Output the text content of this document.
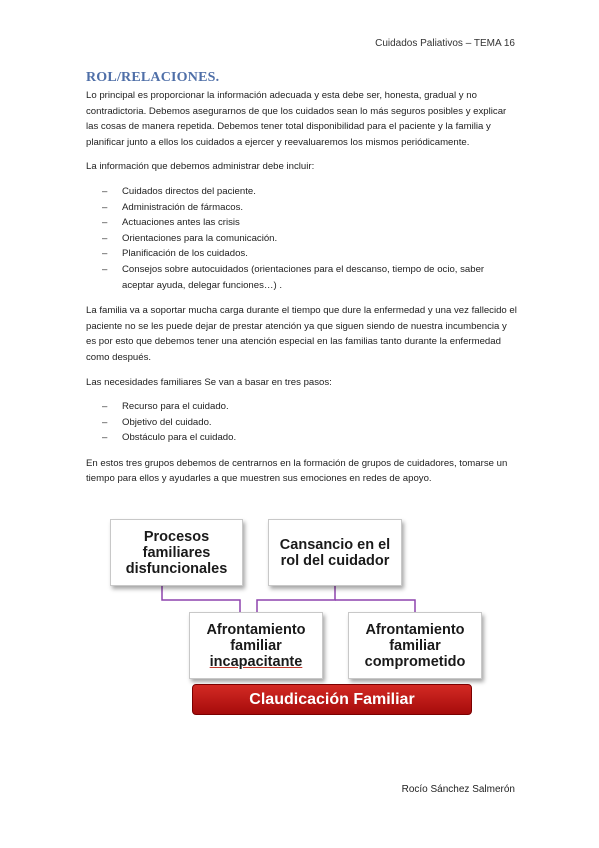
Cuidados Paliativos – TEMA 16
ROL/RELACIONES.

Lo principal es proporcionar la información adecuada y esta debe ser, honesta, gradual y no contradictoria. Debemos asegurarnos de que los cuidados sean lo más seguros posibles y explicar las cosas de manera repetida. Debemos tener total disponibilidad para el paciente y la familia y planificar junto a ellos los cuidados a ejercer y reevaluaremos los mismos periódicamente.

La información que debemos administrar debe incluir:

– Cuidados directos del paciente.
– Administración de fármacos.
– Actuaciones antes las crisis
– Orientaciones para la comunicación.
– Planificación de los cuidados.
– Consejos sobre autocuidados (orientaciones para el descanso, tiempo de ocio, saber aceptar ayuda, delegar funciones…) .

La familia va a soportar mucha carga durante el tiempo que dure la enfermedad y una vez fallecido el paciente no se les puede dejar de prestar atención ya que siguen siendo de nuestra incumbencia y es por esto que debemos tener una atención especial en las familias tanto durante la enfermedad como después.

Las necesidades familiares Se van a basar en tres pasos:

– Recurso para el cuidado.
– Objetivo del cuidado.
– Obstáculo para el cuidado.

En estos tres grupos debemos de centrarnos en la formación de grupos de cuidadores, tomarse un tiempo para ellos y ayudarles a que muestren sus emociones en redes de apoyo.

Procesos
familiares
disfuncionales
Cansancio en el
rol del cuidador
Afrontamiento
familiar
incapacitante
Afrontamiento
familiar
comprometido
Claudicación Familiar
Rocío Sánchez Salmerón
